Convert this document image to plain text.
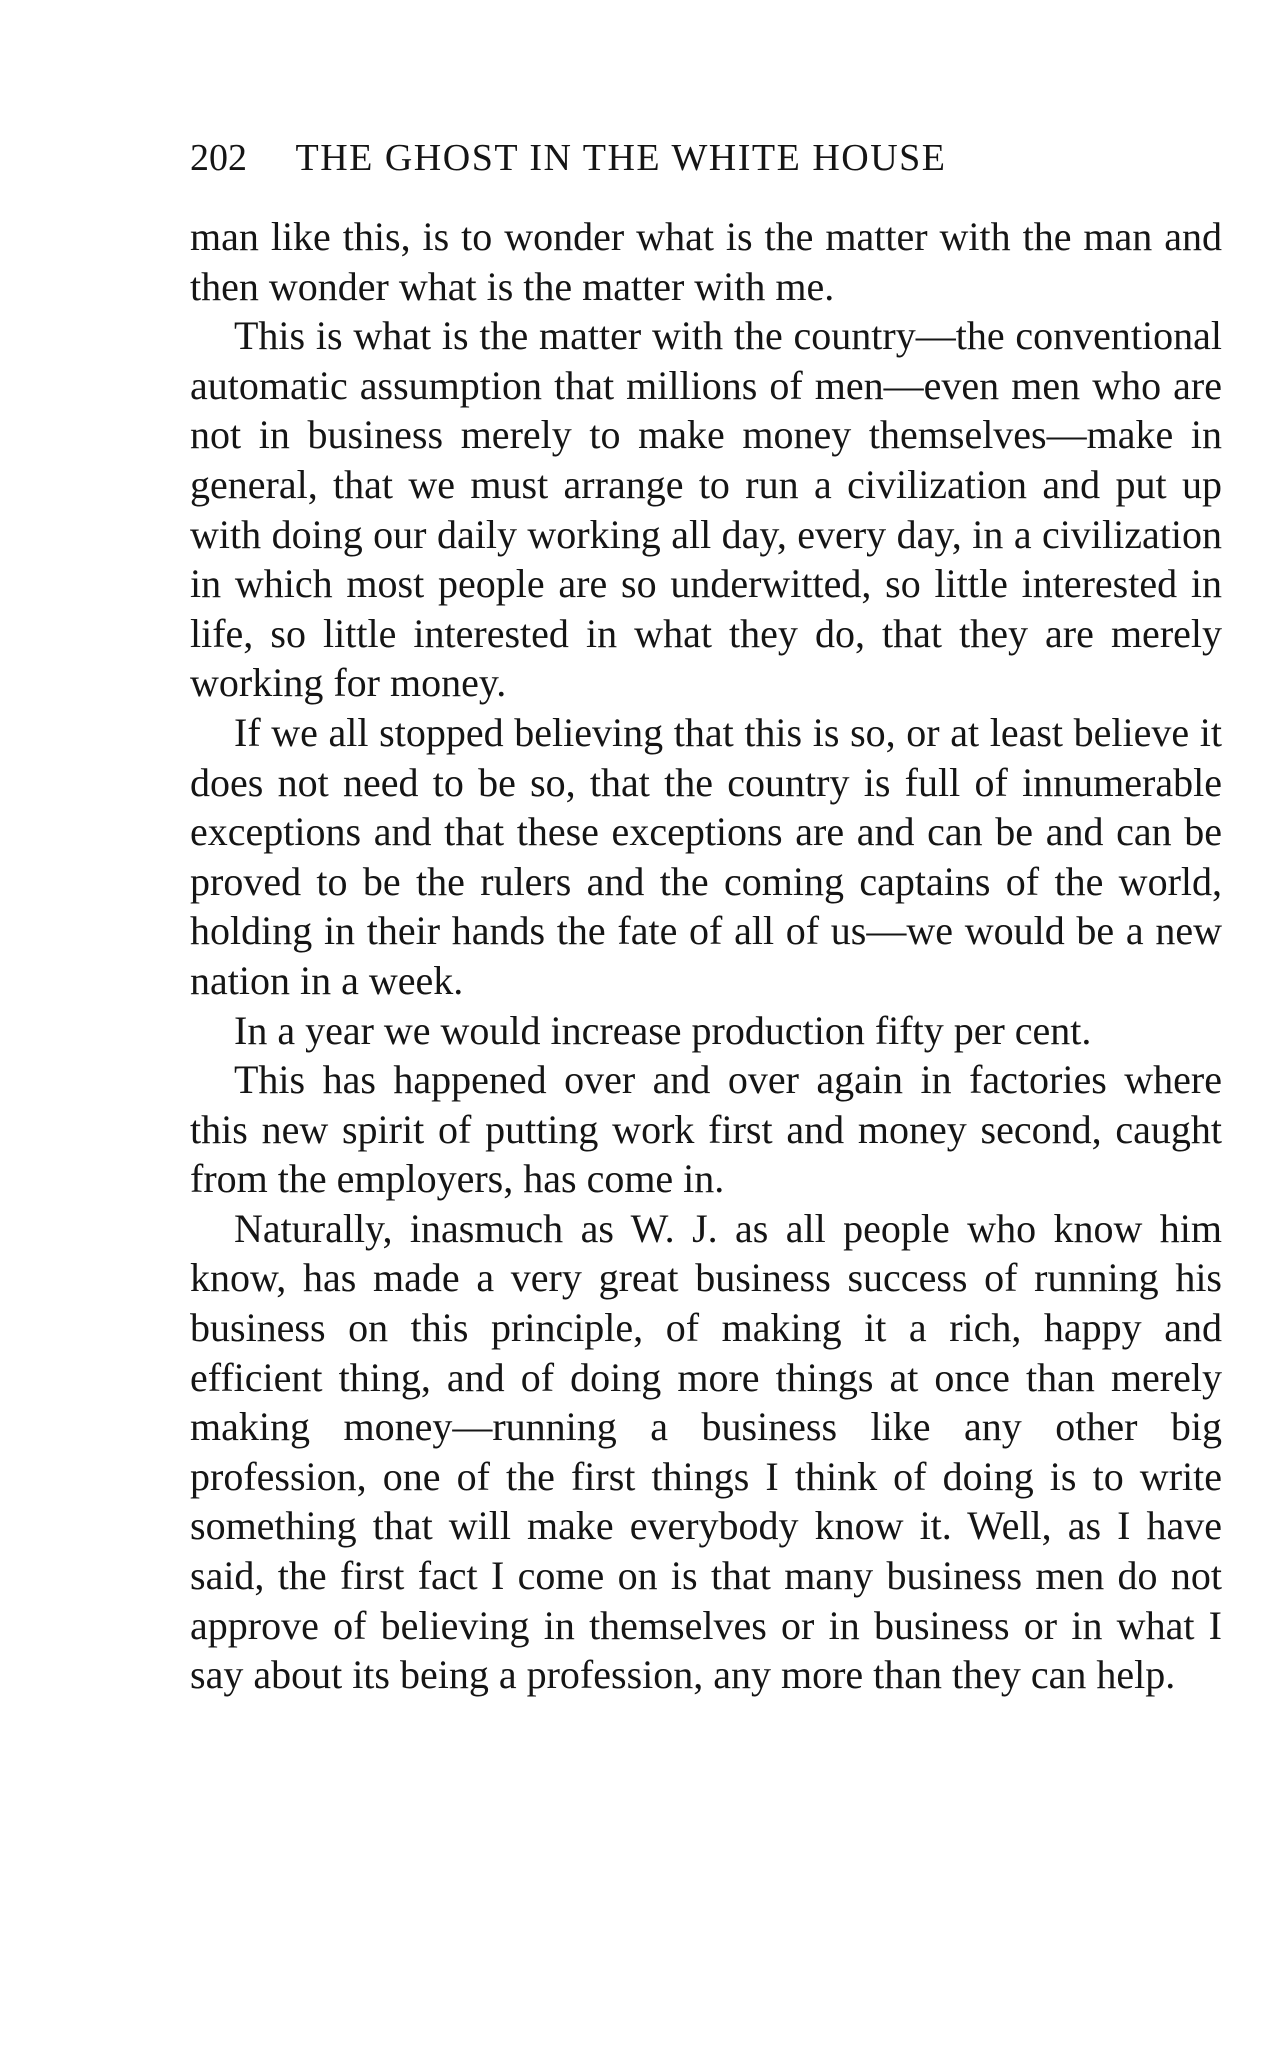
202 THE GHOST IN THE WHITE HOUSE

man like this, is to wonder what is the matter with the man and then wonder what is the matter with me.

This is what is the matter with the country—the conventional automatic assumption that millions of men—even men who are not in business merely to make money themselves—make in general, that we must arrange to run a civilization and put up with doing our daily working all day, every day, in a civilization in which most people are so underwitted, so little interested in life, so little interested in what they do, that they are merely working for money.

If we all stopped believing that this is so, or at least believe it does not need to be so, that the country is full of innumerable exceptions and that these exceptions are and can be and can be proved to be the rulers and the coming captains of the world, holding in their hands the fate of all of us—we would be a new nation in a week.

In a year we would increase production fifty per cent.

This has happened over and over again in factories where this new spirit of putting work first and money second, caught from the employers, has come in.

Naturally, inasmuch as W. J. as all people who know him know, has made a very great business success of running his business on this principle, of making it a rich, happy and efficient thing, and of doing more things at once than merely making money—running a business like any other big profession, one of the first things I think of doing is to write something that will make everybody know it. Well, as I have said, the first fact I come on is that many business men do not approve of believing in themselves or in business or in what I say about its being a profession, any more than they can help.
